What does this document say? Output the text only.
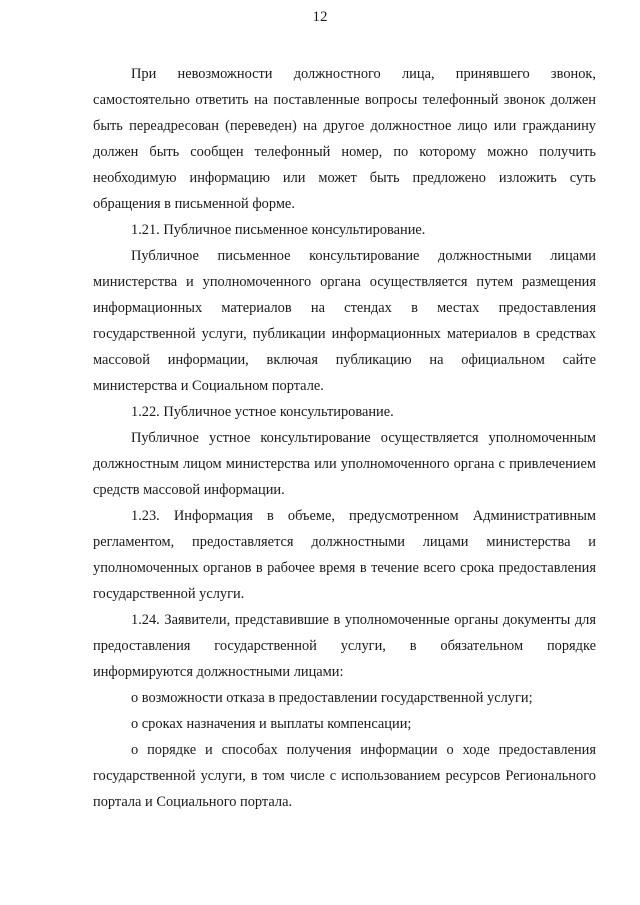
12

При невозможности должностного лица, принявшего звонок, самостоятельно ответить на поставленные вопросы телефонный звонок должен быть переадресован (переведен) на другое должностное лицо или гражданину должен быть сообщен телефонный номер, по которому можно получить необходимую информацию или может быть предложено изложить суть обращения в письменной форме.

1.21. Публичное письменное консультирование.

Публичное письменное консультирование должностными лицами министерства и уполномоченного органа осуществляется путем размещения информационных материалов на стендах в местах предоставления государственной услуги, публикации информационных материалов в средствах массовой информации, включая публикацию на официальном сайте министерства и Социальном портале.

1.22. Публичное устное консультирование.

Публичное устное консультирование осуществляется уполномоченным должностным лицом министерства или уполномоченного органа с привлечением средств массовой информации.

1.23. Информация в объеме, предусмотренном Административным регламентом, предоставляется должностными лицами министерства и уполномоченных органов в рабочее время в течение всего срока предоставления государственной услуги.

1.24. Заявители, представившие в уполномоченные органы документы для предоставления государственной услуги, в обязательном порядке информируются должностными лицами:

о возможности отказа в предоставлении государственной услуги;

о сроках назначения и выплаты компенсации;

о порядке и способах получения информации о ходе предоставления государственной услуги, в том числе с использованием ресурсов Регионального портала и Социального портала.
